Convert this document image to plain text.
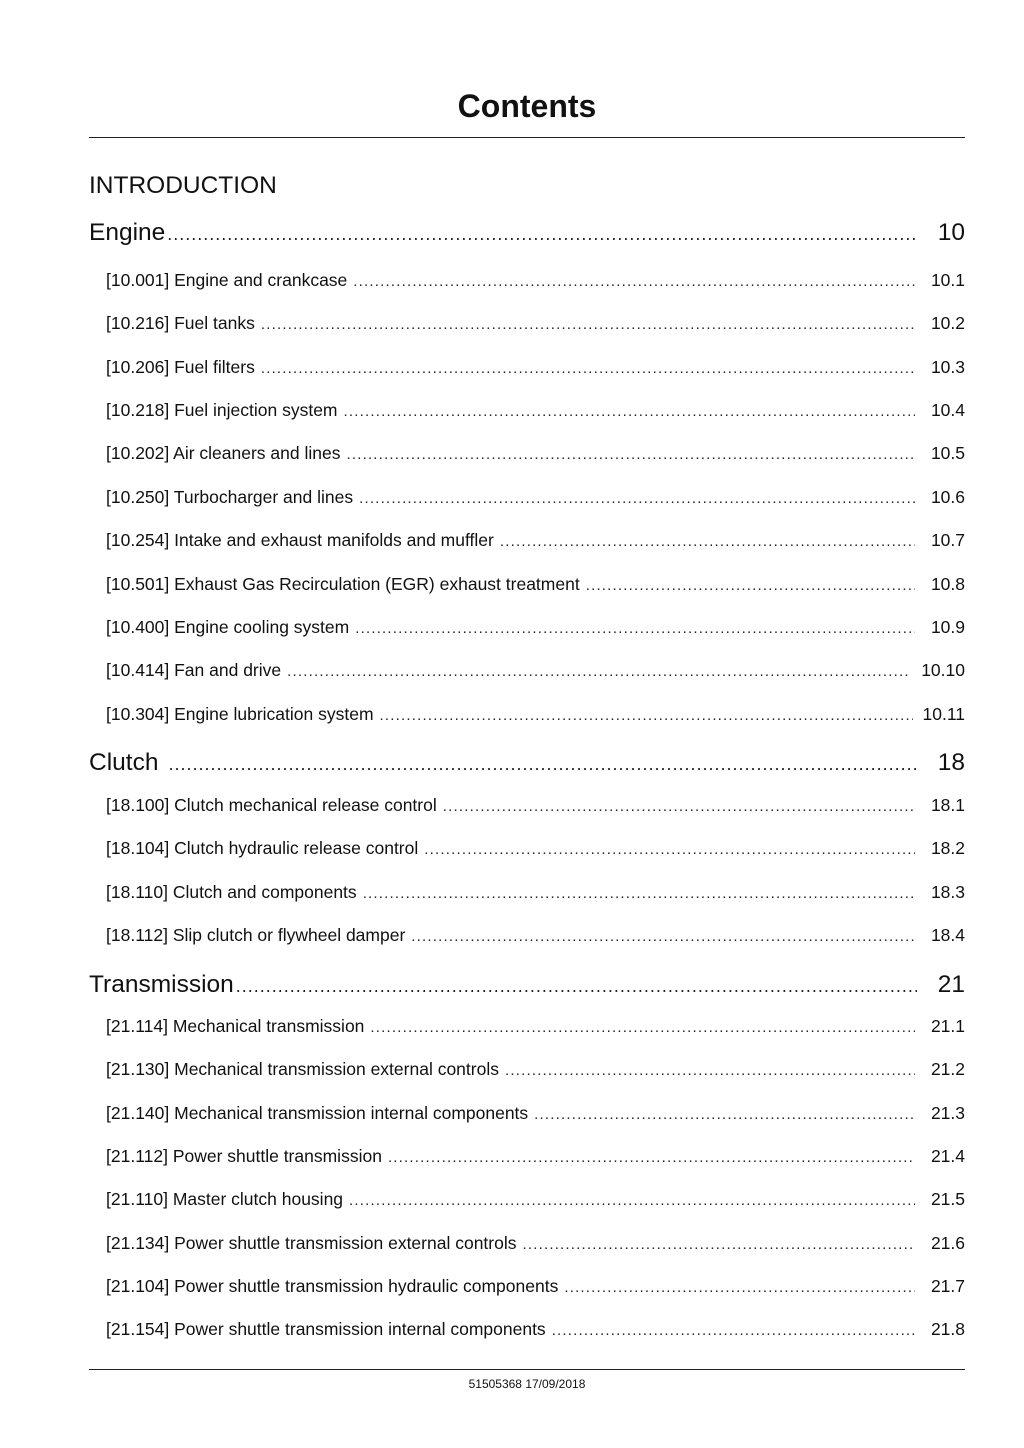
Contents
INTRODUCTION
Engine .....	10
[10.001] Engine and crankcase .....	10.1
[10.216] Fuel tanks .....	10.2
[10.206] Fuel filters .....	10.3
[10.218] Fuel injection system .....	10.4
[10.202] Air cleaners and lines .....	10.5
[10.250] Turbocharger and lines .....	10.6
[10.254] Intake and exhaust manifolds and muffler .....	10.7
[10.501] Exhaust Gas Recirculation (EGR) exhaust treatment .....	10.8
[10.400] Engine cooling system .....	10.9
[10.414] Fan and drive .....	10.10
[10.304] Engine lubrication system .....	10.11
Clutch .....	18
[18.100] Clutch mechanical release control .....	18.1
[18.104] Clutch hydraulic release control .....	18.2
[18.110] Clutch and components .....	18.3
[18.112] Slip clutch or flywheel damper .....	18.4
Transmission .....	21
[21.114] Mechanical transmission .....	21.1
[21.130] Mechanical transmission external controls .....	21.2
[21.140] Mechanical transmission internal components .....	21.3
[21.112] Power shuttle transmission .....	21.4
[21.110] Master clutch housing .....	21.5
[21.134] Power shuttle transmission external controls .....	21.6
[21.104] Power shuttle transmission hydraulic components .....	21.7
[21.154] Power shuttle transmission internal components .....	21.8
51505368 17/09/2018
